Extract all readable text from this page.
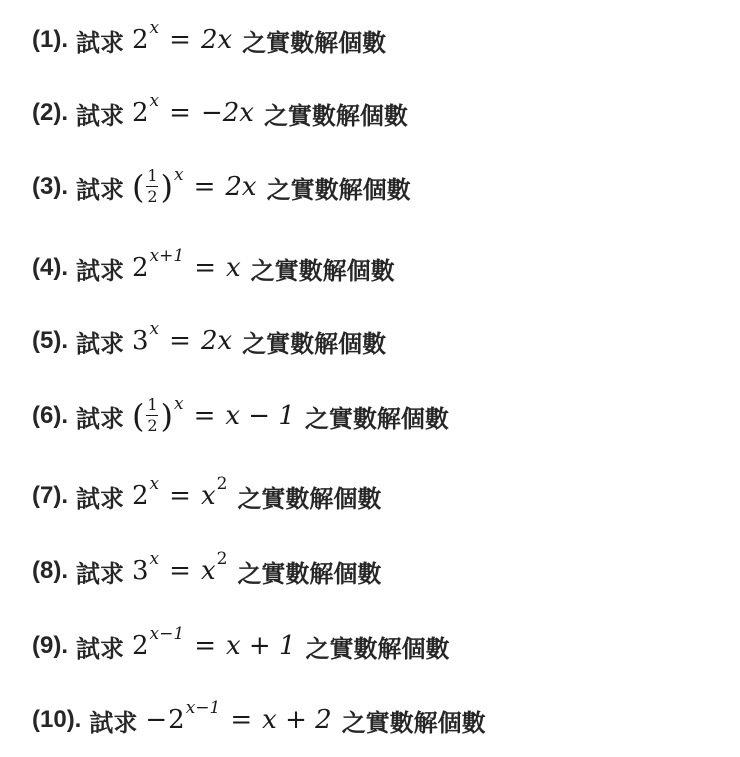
(1). 試求 $2^x = 2x$ 之實數解個數
(2). 試求 $2^x = -2x$ 之實數解個數
(3). 試求 ( $\frac{1}{2} )^x = 2x$ 之實數解個數
(4). 試求 $2^{x+1} = x$ 之實數解個數
(5). 試求 $3^x = 2x$ 之實數解個數
(6). 試求 ( $\frac{1}{2} )^x = x - 1$ 之實數解個數
(7). 試求 $2^x = x$ $^2$
之實數解個數
(8). 試求 $3^x = x$ $^2$
之實數解個數
(9). 試求 $2^{x-1} = x + 1$ 之實數解個數
(10). 試求 − $2^{x-1} = x + 2$ 之實數解個數
